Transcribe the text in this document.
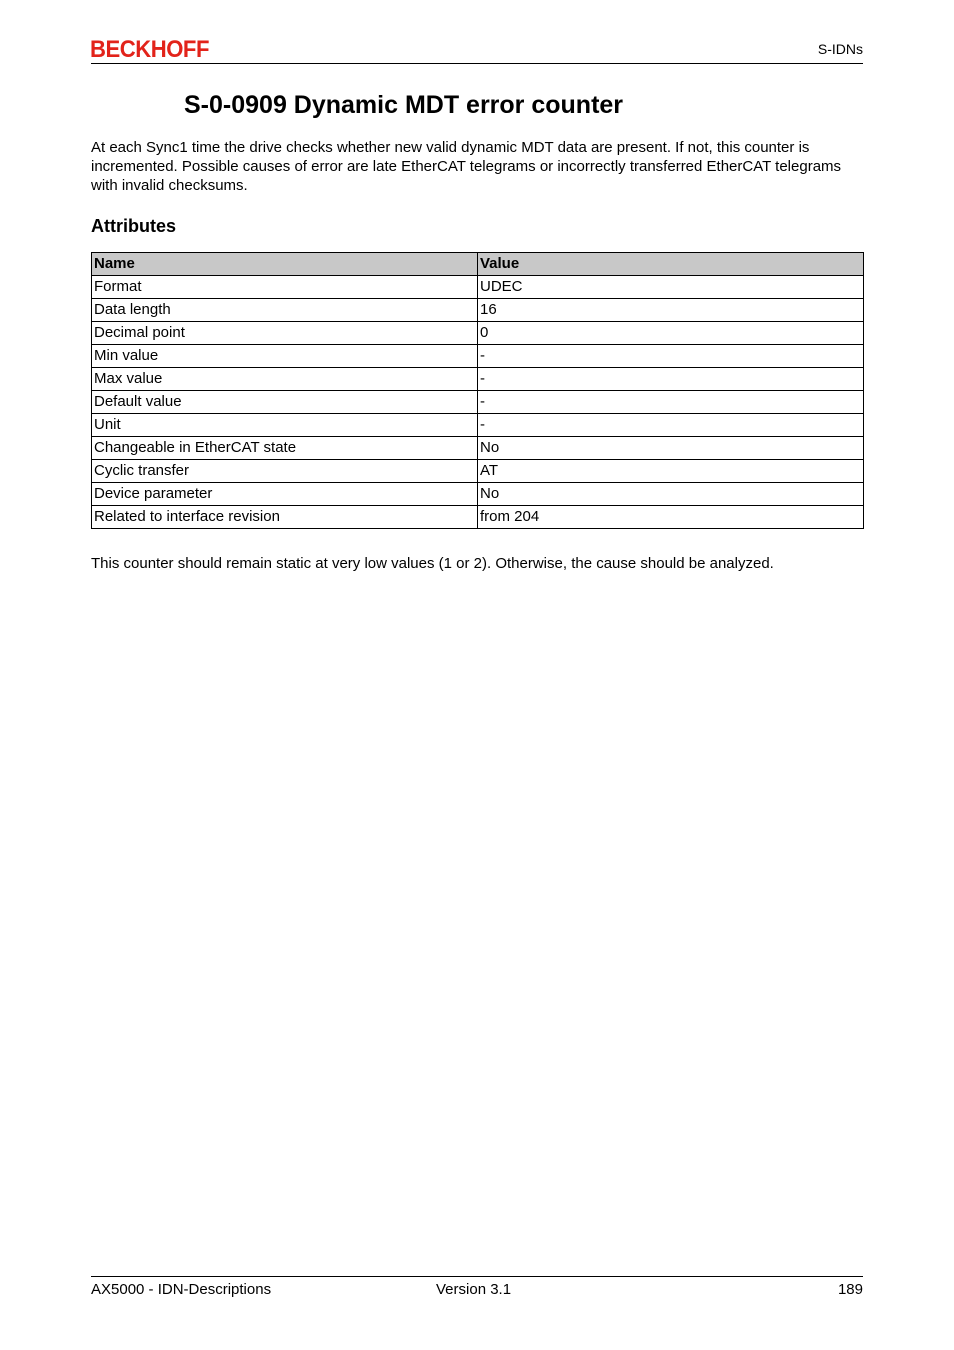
BECKHOFF	S-IDNs
S-0-0909 Dynamic MDT error counter

At each Sync1 time the drive checks whether new valid dynamic MDT data are present. If not, this counter is incremented. Possible causes of error are late EtherCAT telegrams or incorrectly transferred EtherCAT telegrams with invalid checksums.

Attributes
Name	Value
Format	UDEC
Data length	16
Decimal point	0
Min value	-
Max value	-
Default value	-
Unit	-
Changeable in EtherCAT state	No
Cyclic transfer	AT
Device parameter	No
Related to interface revision	from 204

This counter should remain static at very low values (1 or 2). Otherwise, the cause should be analyzed.

AX5000 - IDN-Descriptions	Version 3.1	189
